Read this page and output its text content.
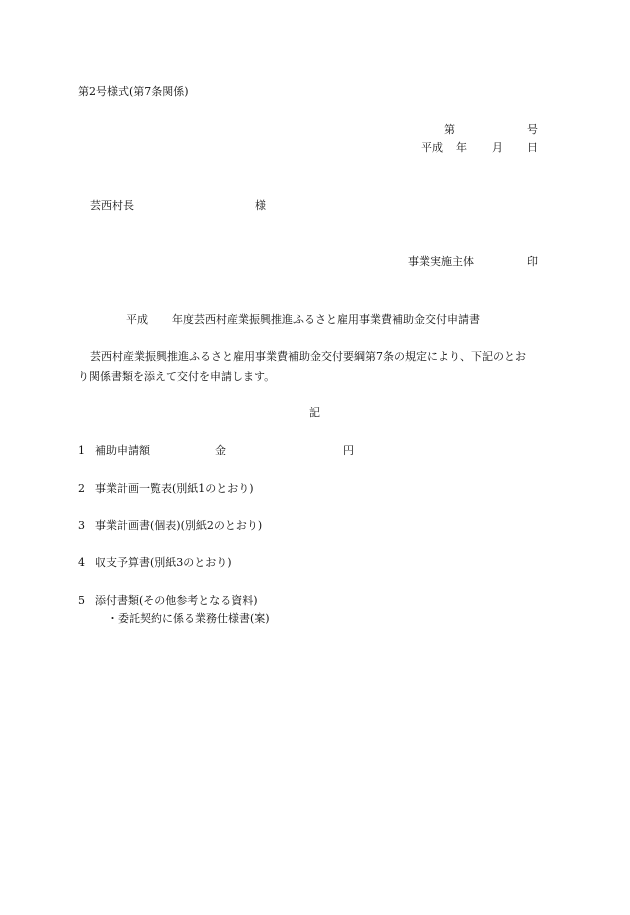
第2号様式(第7条関係)
第	号
平成 年 月 日
芸西村長	様
事業実施主体	印
平成 年度芸西村産業振興推進ふるさと雇用事業費補助金交付申請書
芸西村産業振興推進ふるさと雇用事業費補助金交付要綱第7条の規定により、下記のとお
り関係書類を添えて交付を申請します。
記
1 補助申請額	金	円
2 事業計画一覧表(別紙1のとおり)
3 事業計画書(個表)(別紙2のとおり)
4 収支予算書(別紙3のとおり)
5 添付書類(その他参考となる資料)
・委託契約に係る業務仕様書(案)
